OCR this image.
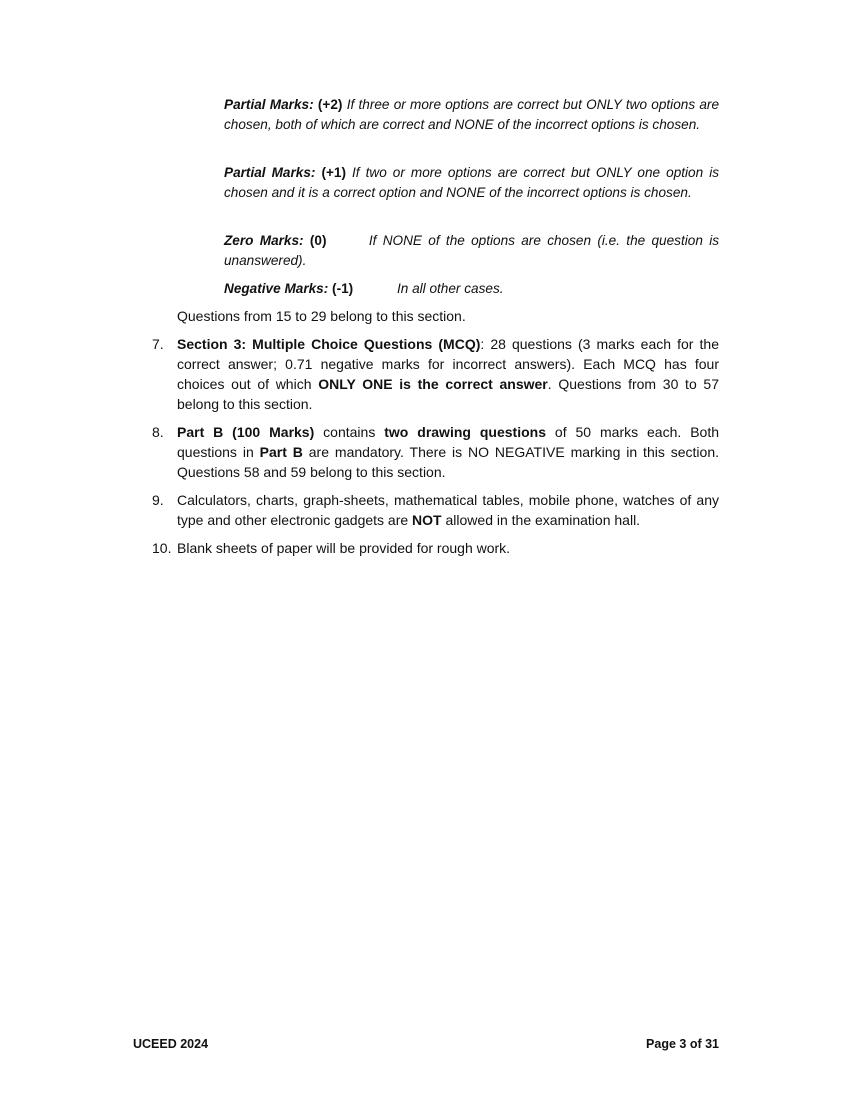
Partial Marks: (+2) If three or more options are correct but ONLY two options are chosen, both of which are correct and NONE of the incorrect options is chosen.
Partial Marks: (+1) If two or more options are correct but ONLY one option is chosen and it is a correct option and NONE of the incorrect options is chosen.
Zero Marks: (0)	If NONE of the options are chosen (i.e. the question is unanswered).
Negative Marks: (-1)	In all other cases.
Questions from 15 to 29 belong to this section.
7. Section 3: Multiple Choice Questions (MCQ): 28 questions (3 marks each for the correct answer; 0.71 negative marks for incorrect answers). Each MCQ has four choices out of which ONLY ONE is the correct answer. Questions from 30 to 57 belong to this section.
8. Part B (100 Marks) contains two drawing questions of 50 marks each. Both questions in Part B are mandatory. There is NO NEGATIVE marking in this section. Questions 58 and 59 belong to this section.
9. Calculators, charts, graph-sheets, mathematical tables, mobile phone, watches of any type and other electronic gadgets are NOT allowed in the examination hall.
10. Blank sheets of paper will be provided for rough work.
UCEED 2024	Page 3 of 31
